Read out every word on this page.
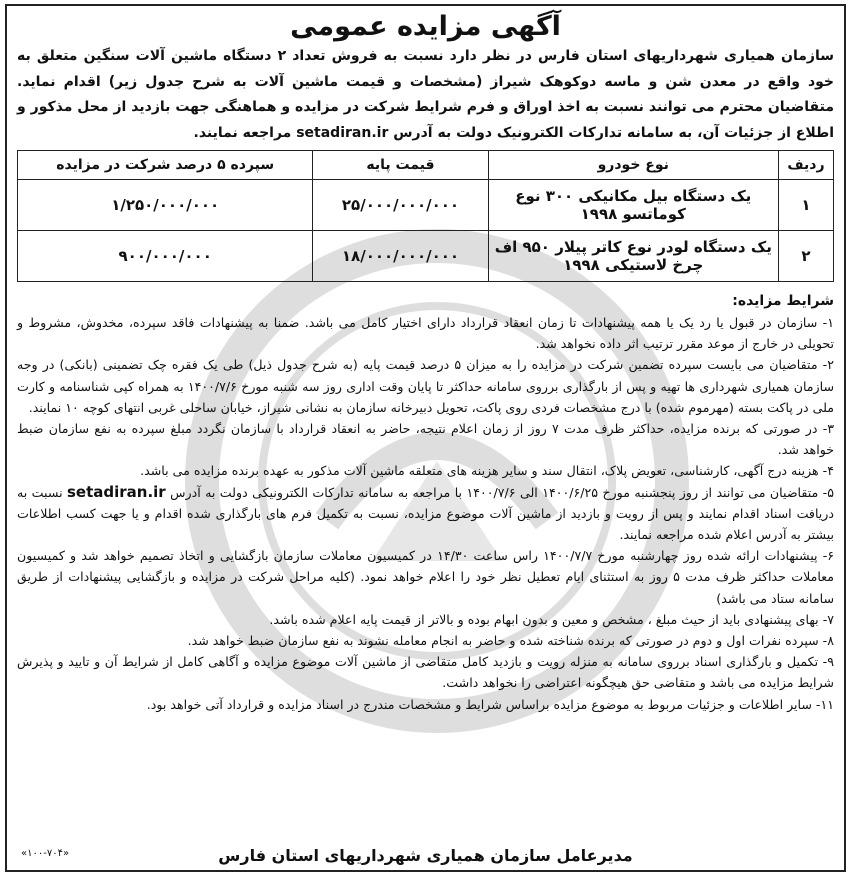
آگهی مزایده عمومی

سازمان همیاری شهرداریهای استان فارس در نظر دارد نسبت به فروش تعداد ۲ دستگاه ماشین آلات سنگین متعلق به خود واقع در معدن شن و ماسه دوکوهک شیراز (مشخصات و قیمت ماشین آلات به شرح جدول زیر) اقدام نماید. متقاضیان محترم می توانند نسبت به اخذ اوراق و فرم شرایط شرکت در مزایده و هماهنگی جهت بازدید از محل مذکور و اطلاع از جزئیات آن، به سامانه تدارکات الکترونیک دولت به آدرس setadiran.ir مراجعه نمایند.

ردیف	نوع خودرو	قیمت پایه	سپرده ۵ درصد شرکت در مزایده
۱	یک دستگاه بیل مکانیکی ۳۰۰ نوع کوماتسو ۱۹۹۸	۲۵/۰۰۰/۰۰۰/۰۰۰	۱/۲۵۰/۰۰۰/۰۰۰
۲	یک دستگاه لودر نوع کاتر پیلار ۹۵۰ اف چرخ لاستیکی ۱۹۹۸	۱۸/۰۰۰/۰۰۰/۰۰۰	۹۰۰/۰۰۰/۰۰۰

شرایط مزایده:

۱- سازمان در قبول یا رد یک یا همه پیشنهادات تا زمان انعقاد قرارداد دارای اختیار کامل می باشد. ضمنا به پیشنهادات فاقد سپرده، مخدوش، مشروط و تحویلی در خارج از موعد مقرر ترتیب اثر داده نخواهد شد.

۲- متقاضیان می بایست سپرده تضمین شرکت در مزایده را به میزان ۵ درصد قیمت پایه (به شرح جدول ذیل) طی یک فقره چک تضمینی (بانکی) در وجه سازمان همیاری شهرداری ها تهیه و پس از بارگذاری برروی سامانه حداکثر تا پایان وقت اداری روز سه شنبه مورخ ۱۴۰۰/۷/۶ به همراه کپی شناسنامه و کارت ملی در پاکت بسته (مهرموم شده) با درج مشخصات فردی روی پاکت، تحویل دبیرخانه سازمان به نشانی شیراز، خیابان ساحلی غربی انتهای کوچه ۱۰ نمایند.

۳- در صورتی که برنده مزایده، حداکثر ظرف مدت ۷ روز از زمان اعلام نتیجه، حاضر به انعقاد قرارداد با سازمان نگردد مبلغ سپرده به نفع سازمان ضبط خواهد شد.

۴- هزینه درج آگهی، کارشناسی، تعویض پلاک، انتقال سند و سایر هزینه های متعلقه ماشین آلات مذکور به عهده برنده مزایده می باشد.

۵- متقاضیان می توانند از روز پنجشنبه مورخ ۱۴۰۰/۶/۲۵ الی ۱۴۰۰/۷/۶ با مراجعه به سامانه تدارکات الکترونیکی دولت به آدرس setadiran.ir نسبت به دریافت اسناد اقدام نمایند و پس از رویت و بازدید از ماشین آلات موضوع مزایده، نسبت به تکمیل فرم های بارگذاری شده اقدام و یا جهت کسب اطلاعات بیشتر به آدرس اعلام شده مراجعه نمایند.

۶- پیشنهادات ارائه شده روز چهارشنبه مورخ ۱۴۰۰/۷/۷ راس ساعت ۱۴/۳۰ در کمیسیون معاملات سازمان بازگشایی و اتخاذ تصمیم خواهد شد و کمیسیون معاملات حداکثر ظرف مدت ۵ روز به استثنای ایام تعطیل نظر خود را اعلام خواهد نمود. (کلیه مراحل شرکت در مزایده و بازگشایی پیشنهادات از طریق سامانه ستاد می باشد)

۷- بهای پیشنهادی باید از حیث مبلغ ، مشخص و معین و بدون ابهام بوده و بالاتر از قیمت پایه اعلام شده باشد.

۸- سپرده نفرات اول و دوم در صورتی که برنده شناخته شده و حاضر به انجام معامله نشوند به نفع سازمان ضبط خواهد شد.

۹- تکمیل و بارگذاری اسناد برروی سامانه به منزله رویت و بازدید کامل متقاضی از ماشین آلات موضوع مزایده و آگاهی کامل از شرایط آن و تایید و پذیرش شرایط مزایده می باشد و متقاضی حق هیچگونه اعتراضی را نخواهد داشت.

۱۱- سایر اطلاعات و جزئیات مربوط به موضوع مزایده براساس شرایط و مشخصات مندرج در اسناد مزایده و قرارداد آتی خواهد بود.

مدیرعامل سازمان همیاری شهرداریهای استان فارس
«۱۰۰-۷۰۴»
